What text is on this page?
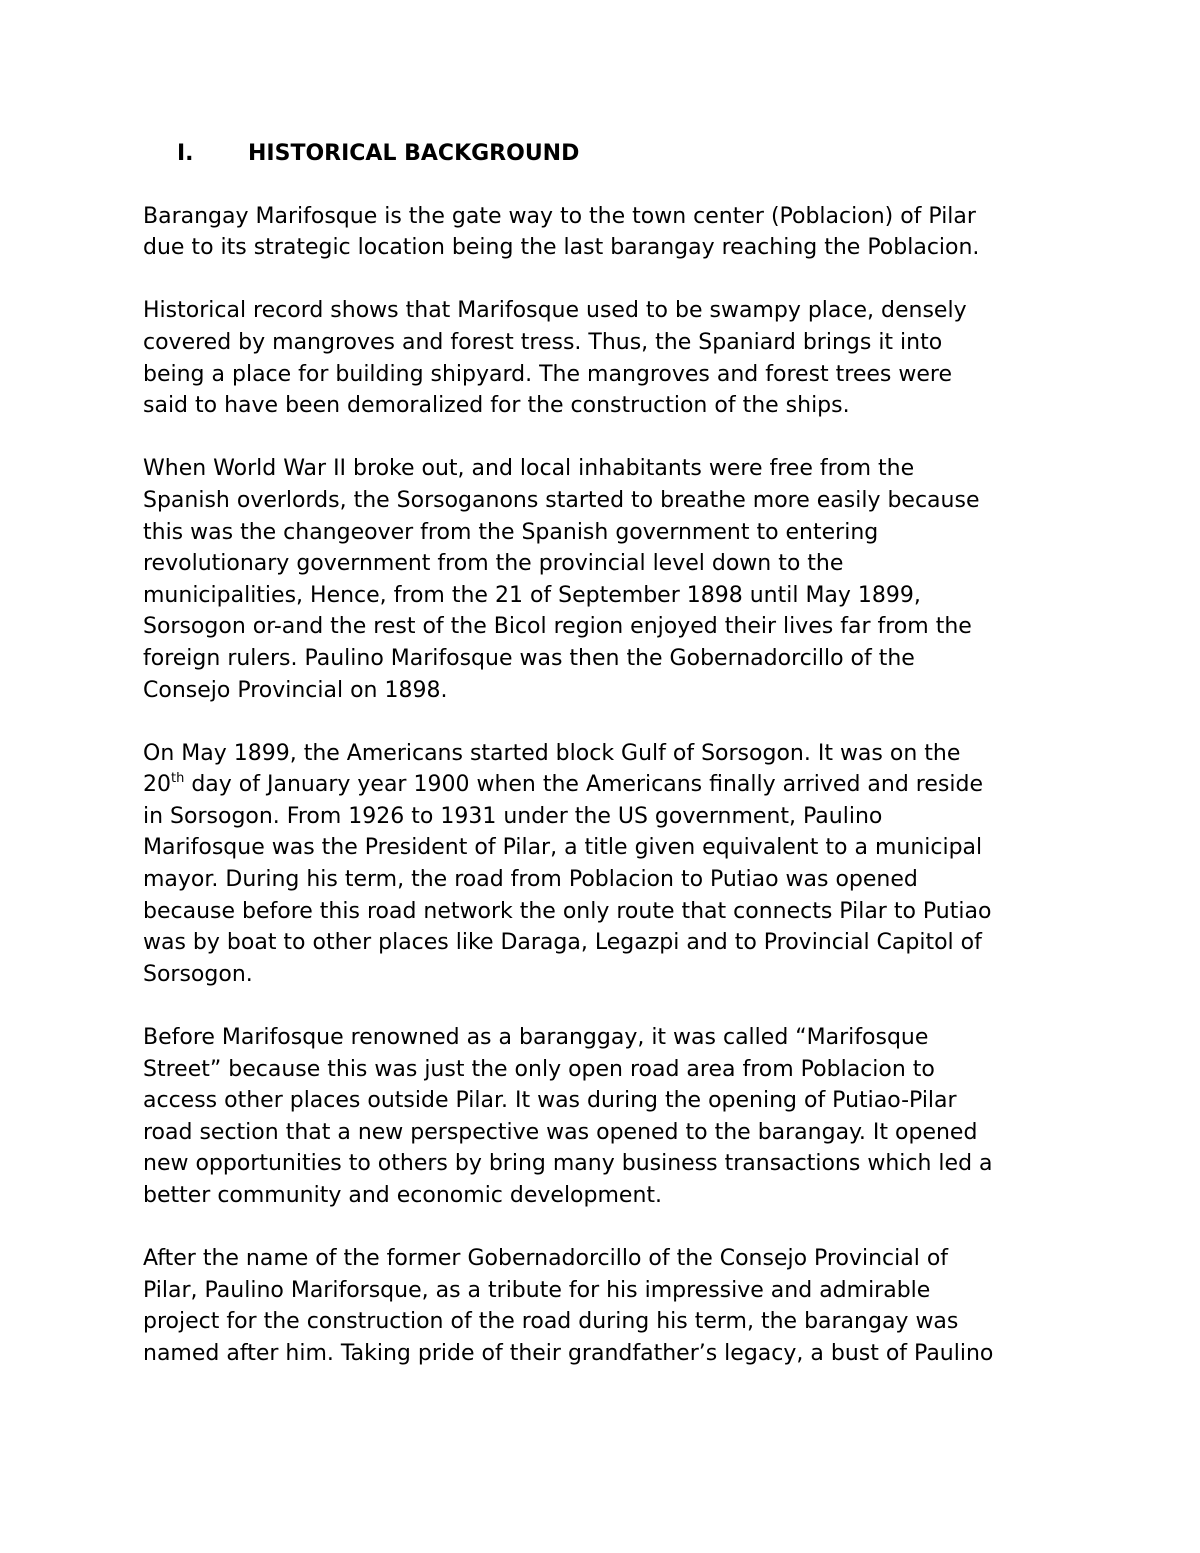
I.	HISTORICAL BACKGROUND
Barangay Marifosque is the gate way to the town center (Poblacion) of Pilar
due to its strategic location being the last barangay reaching the Poblacion.
Historical record shows that Marifosque used to be swampy place, densely
covered by mangroves and forest tress. Thus, the Spaniard brings it into
being a place for building shipyard. The mangroves and forest trees were
said to have been demoralized for the construction of the ships.
When World War II broke out, and local inhabitants were free from the
Spanish overlords, the Sorsoganons started to breathe more easily because
this was the changeover from the Spanish government to entering
revolutionary government from the provincial level down to the
municipalities, Hence, from the 21 of September 1898 until May 1899,
Sorsogon or-and the rest of the Bicol region enjoyed their lives far from the
foreign rulers. Paulino Marifosque was then the Gobernadorcillo of the
Consejo Provincial on 1898.
On May 1899, the Americans started block Gulf of Sorsogon. It was on the
20th day of January year 1900 when the Americans finally arrived and reside
in Sorsogon. From 1926 to 1931 under the US government, Paulino
Marifosque was the President of Pilar, a title given equivalent to a municipal
mayor. During his term, the road from Poblacion to Putiao was opened
because before this road network the only route that connects Pilar to Putiao
was by boat to other places like Daraga, Legazpi and to Provincial Capitol of
Sorsogon.
Before Marifosque renowned as a baranggay, it was called “Marifosque
Street” because this was just the only open road area from Poblacion to
access other places outside Pilar. It was during the opening of Putiao-Pilar
road section that a new perspective was opened to the barangay. It opened
new opportunities to others by bring many business transactions which led a
better community and economic development.
After the name of the former Gobernadorcillo of the Consejo Provincial of
Pilar, Paulino Mariforsque, as a tribute for his impressive and admirable
project for the construction of the road during his term, the barangay was
named after him. Taking pride of their grandfather’s legacy, a bust of Paulino
